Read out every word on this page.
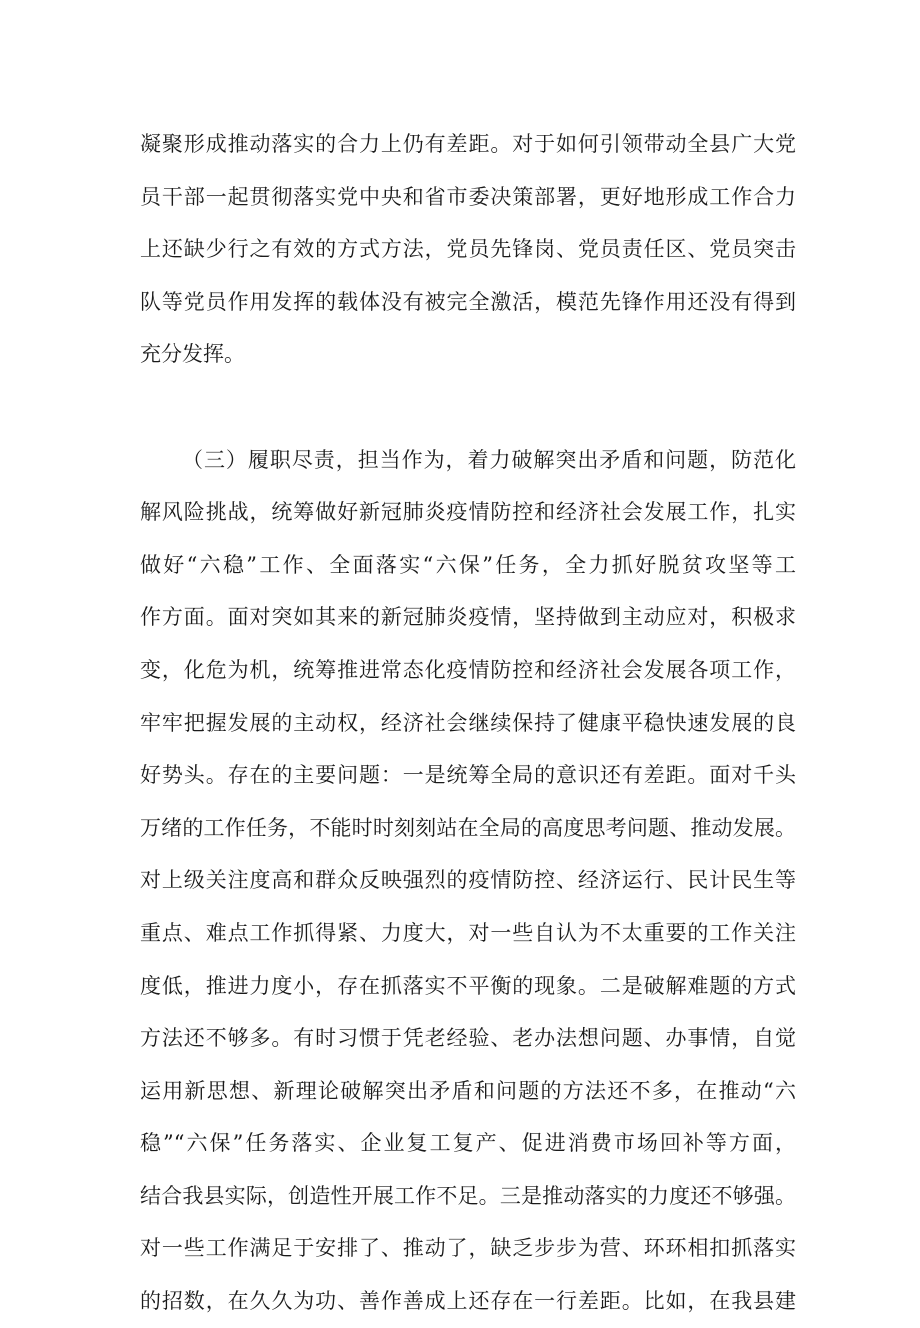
凝聚形成推动落实的合力上仍有差距。对于如何引领带动全县广大党
员干部一起贯彻落实党中央和省市委决策部署，更好地形成工作合力
上还缺少行之有效的方式方法，党员先锋岗、党员责任区、党员突击
队等党员作用发挥的载体没有被完全激活，模范先锋作用还没有得到
充分发挥。
（三）履职尽责，担当作为，着力破解突出矛盾和问题，防范化
解风险挑战，统筹做好新冠肺炎疫情防控和经济社会发展工作，扎实
做好“六稳”工作、全面落实“六保”任务，全力抓好脱贫攻坚等工
作方面。面对突如其来的新冠肺炎疫情，坚持做到主动应对，积极求
变，化危为机，统筹推进常态化疫情防控和经济社会发展各项工作，
牢牢把握发展的主动权，经济社会继续保持了健康平稳快速发展的良
好势头。存在的主要问题：一是统筹全局的意识还有差距。面对千头
万绪的工作任务，不能时时刻刻站在全局的高度思考问题、推动发展。
对上级关注度高和群众反映强烈的疫情防控、经济运行、民计民生等
重点、难点工作抓得紧、力度大，对一些自认为不太重要的工作关注
度低，推进力度小，存在抓落实不平衡的现象。二是破解难题的方式
方法还不够多。有时习惯于凭老经验、老办法想问题、办事情，自觉
运用新思想、新理论破解突出矛盾和问题的方法还不多，在推动“六
稳”“六保”任务落实、企业复工复产、促进消费市场回补等方面，
结合我县实际，创造性开展工作不足。三是推动落实的力度还不够强。
对一些工作满足于安排了、推动了，缺乏步步为营、环环相扣抓落实
的招数，在久久为功、善作善成上还存在一行差距。比如，在我县建
